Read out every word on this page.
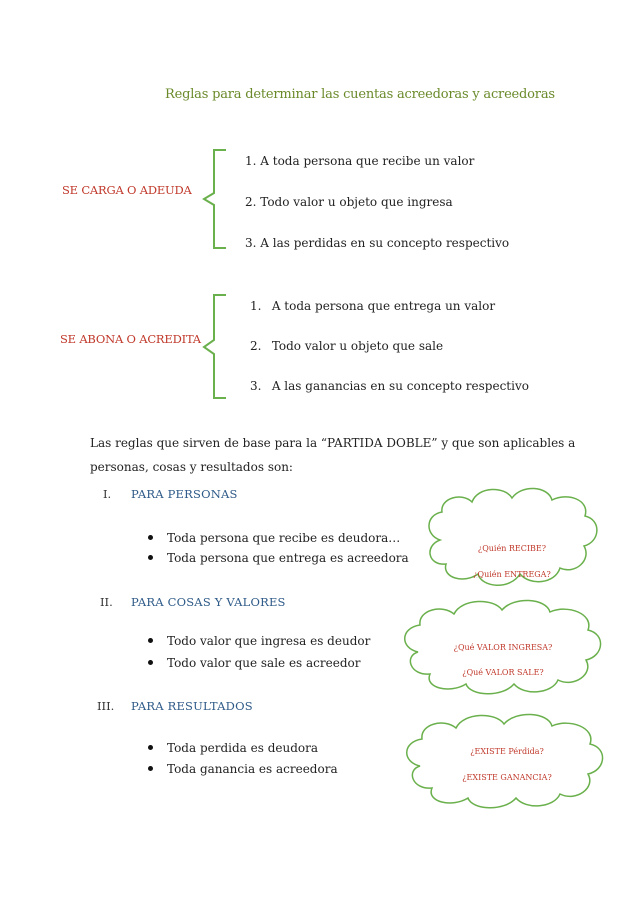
Reglas para determinar las cuentas acreedoras y acreedoras
SE CARGA O ADEUDA
1. A toda persona que recibe un valor
2. Todo valor u objeto que ingresa
3. A las perdidas en su concepto respectivo
SE ABONA O ACREDITA
1. A toda persona que entrega un valor
2. Todo valor u objeto que sale
3. A las ganancias en su concepto respectivo
Las reglas que sirven de base para la “PARTIDA DOBLE” y que son aplicables a
personas, cosas y resultados son:
I. PARA PERSONAS
Toda persona que recibe es deudora…
Toda persona que entrega es acreedora
¿Quién RECIBE?
¿Quién ENTREGA?
II. PARA COSAS Y VALORES
Todo valor que ingresa es deudor
Todo valor que sale es acreedor
¿Qué VALOR INGRESA?
¿Qué VALOR SALE?
III. PARA RESULTADOS
Toda perdida es deudora
Toda ganancia es acreedora
¿EXISTE Pérdida?
¿EXISTE GANANCIA?
